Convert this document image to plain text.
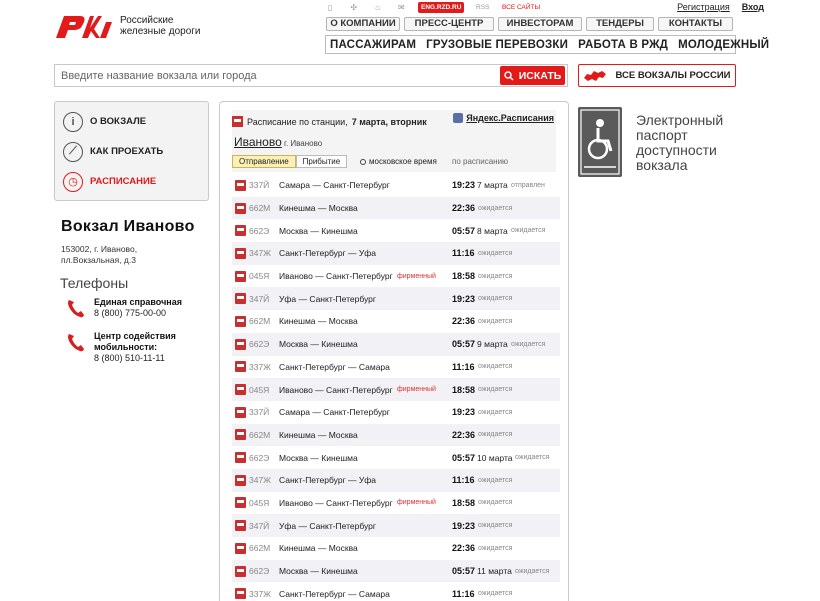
Российские
железные дороги
▯ ✣ ⌂ ✉	ENG.RZD.RU	RSS ВСЕ САЙТЫ	Регистрация Вход
О КОМПАНИИ	ПРЕСС-ЦЕНТР	ИНВЕСТОРАМ	ТЕНДЕРЫ	КОНТАКТЫ
ПАССАЖИРАМ ГРУЗОВЫЕ ПЕРЕВОЗКИ РАБОТА В РЖД МОЛОДЕЖНЫЙ
Введите название вокзала или города
ИСКАТЬ	ВСЕ ВОКЗАЛЫ РОССИИ
i	О ВОКЗАЛЕ
⟋	КАК ПРОЕХАТЬ
◷	РАСПИСАНИЕ
Вокзал Иваново
153002, г. Иваново,
пл.Вокзальная, д.3
Телефоны
Единая справочная
8 (800) 775-00-00
Центр содействия мобильности:
8 (800) 510-11-11
Расписание по станции, 7 марта, вторник	Яндекс.Расписания
Иваново г. Иваново
Отправление	Прибытие	московское время по расписанию
337Й Самара — Санкт-Петербург	19:23 7 марта отправлен
662М Кинешма — Москва	22:36 ожидается
662Э Москва — Кинешма	05:57 8 марта ожидается
347Ж Санкт-Петербург — Уфа	11:16 ожидается
045Я Иваново — Санкт-Петербург фирменный 18:58 ожидается
347Й Уфа — Санкт-Петербург	19:23 ожидается
662М Кинешма — Москва	22:36 ожидается
662Э Москва — Кинешма	05:57 9 марта ожидается
337Ж Санкт-Петербург — Самара	11:16 ожидается
045Я Иваново — Санкт-Петербург фирменный 18:58 ожидается
337Й Самара — Санкт-Петербург	19:23 ожидается
662М Кинешма — Москва	22:36 ожидается
662Э Москва — Кинешма	05:57 10 марта ожидается
347Ж Санкт-Петербург — Уфа	11:16 ожидается
045Я Иваново — Санкт-Петербург фирменный 18:58 ожидается
347Й Уфа — Санкт-Петербург	19:23 ожидается
662М Кинешма — Москва	22:36 ожидается
662Э Москва — Кинешма	05:57 11 марта ожидается
337Ж Санкт-Петербург — Самара	11:16 ожидается
Электронный
паспорт
доступности
вокзала
